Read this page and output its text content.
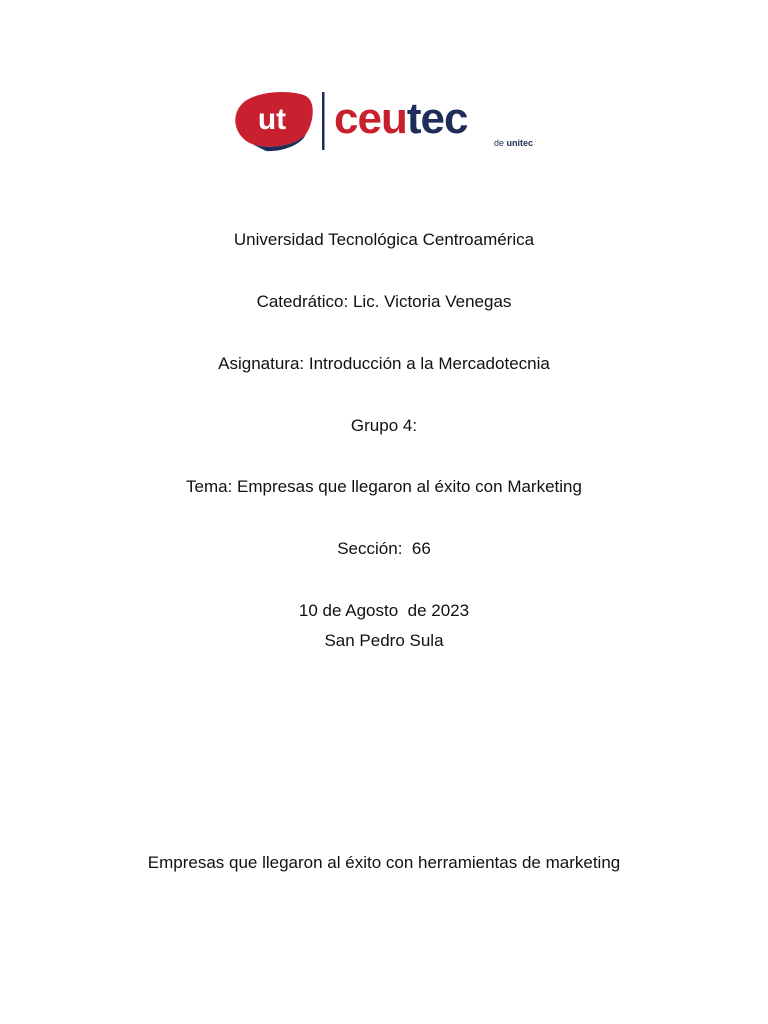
ut ceutec	de unitec
Universidad Tecnológica Centroamérica
Catedrático: Lic. Victoria Venegas
Asignatura: Introducción a la Mercadotecnia
Grupo 4:
Tema: Empresas que llegaron al éxito con Marketing
Sección:  66
10 de Agosto  de 2023
San Pedro Sula
Empresas que llegaron al éxito con herramientas de marketing
